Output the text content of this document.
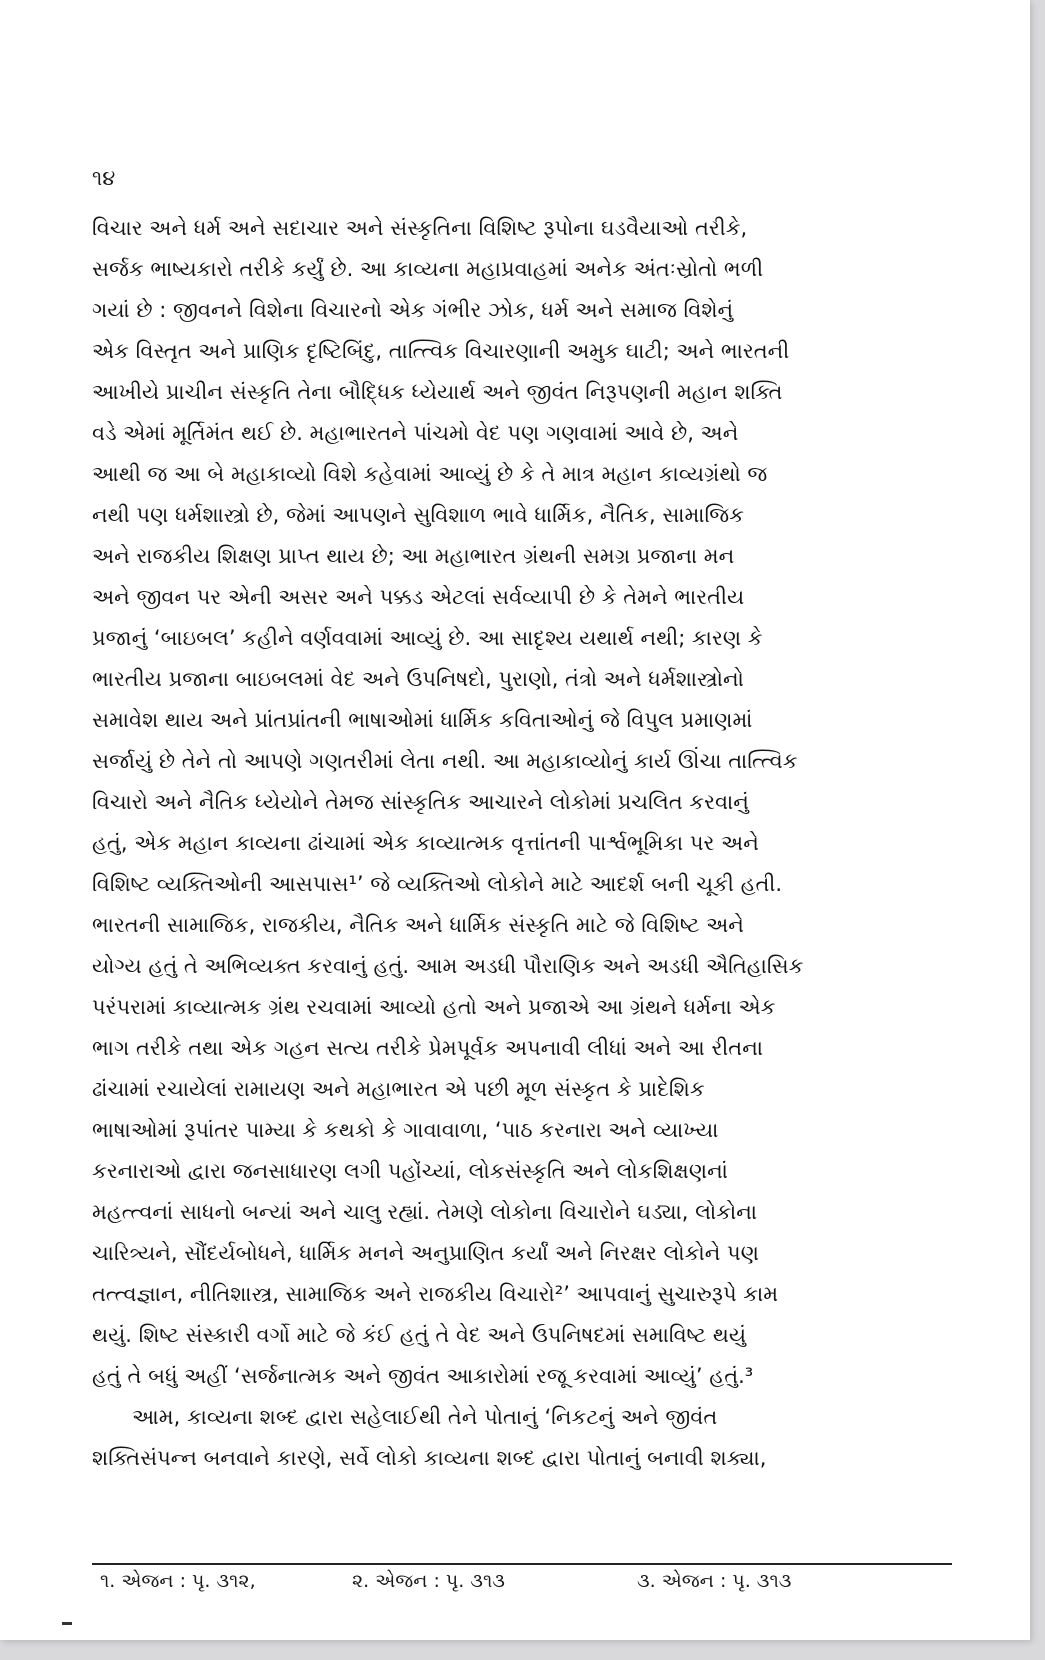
૧૪
વિચાર અને ધર્મ અને સદાચાર અને સંસ્કૃતિના વિશિષ્ટ રૂપોના ઘડવૈયાઓ તરીકે,
સર્જક ભાષ્યકારો તરીકે કર્યું છે. આ કાવ્યના મહાપ્રવાહમાં અનેક અંતઃસ્રોતો ભળી
ગયાં છે : જીવનને વિશેના વિચારનો એક ગંભીર ઝોક, ધર્મ અને સમાજ વિશેનું
એક વિસ્તૃત અને પ્રાણિક દૃષ્ટિબિંદુ, તાત્ત્વિક વિચારણાની અમુક ઘાટી; અને ભારતની
આખીયે પ્રાચીન સંસ્કૃતિ તેના બૌદ્ધિક ધ્યેયાર્થ અને જીવંત નિરૂપણની મહાન શક્તિ
વડે એમાં મૂર્તિમંત થઈ છે. મહાભારતને પાંચમો વેદ પણ ગણવામાં આવે છે, અને
આથી જ આ બે મહાકાવ્યો વિશે કહેવામાં આવ્યું છે કે તે માત્ર મહાન કાવ્યગ્રંથો જ
નથી પણ ધર્મશાસ્ત્રો છે, જેમાં આપણને સુવિશાળ ભાવે ધાર્મિક, નૈતિક, સામાજિક
અને રાજકીય શિક્ષણ પ્રાપ્ત થાય છે; આ મહાભારત ગ્રંથની સમગ્ર પ્રજાના મન
અને જીવન પર એની અસર અને પક્કડ એટલાં સર્વવ્યાપી છે કે તેમને ભારતીય
પ્રજાનું ‘બાઇબલ’ કહીને વર્ણવવામાં આવ્યું છે. આ સાદૃશ્ય યથાર્થ નથી; કારણ કે
ભારતીય પ્રજાના બાઇબલમાં વેદ અને ઉપનિષદો, પુરાણો, તંત્રો અને ધર્મશાસ્ત્રોનો
સમાવેશ થાય અને પ્રાંતપ્રાંતની ભાષાઓમાં ધાર્મિક કવિતાઓનું જે વિપુલ પ્રમાણમાં
સર્જાયું છે તેને તો આપણે ગણતરીમાં લેતા નથી. આ મહાકાવ્યોનું કાર્ય ઊંચા તાત્ત્વિક
વિચારો અને નૈતિક ધ્યેયોને તેમજ સાંસ્કૃતિક આચારને લોકોમાં પ્રચલિત કરવાનું
હતું, એક મહાન કાવ્યના ઢાંચામાં એક કાવ્યાત્મક વૃત્તાંતની પાર્શ્વભૂમિકા પર અને
વિશિષ્ટ વ્યક્તિઓની આસપાસ¹’ જે વ્યક્તિઓ લોકોને માટે આદર્શ બની ચૂકી હતી.
ભારતની સામાજિક, રાજકીય, નૈતિક અને ધાર્મિક સંસ્કૃતિ માટે જે વિશિષ્ટ અને
યોગ્ય હતું તે અભિવ્યક્ત કરવાનું હતું. આમ અડધી પૌરાણિક અને અડધી ઐતિહાસિક
પરંપરામાં કાવ્યાત્મક ગ્રંથ રચવામાં આવ્યો હતો અને પ્રજાએ આ ગ્રંથને ધર્મના એક
ભાગ તરીકે તથા એક ગહન સત્ય તરીકે પ્રેમપૂર્વક અપનાવી લીધાં અને આ રીતના
ઢાંચામાં રચાયેલાં રામાયણ અને મહાભારત એ પછી મૂળ સંસ્કૃત કે પ્રાદેશિક
ભાષાઓમાં રૂપાંતર પામ્યા કે કથકો કે ગાવાવાળા, ‘પાઠ કરનારા અને વ્યાખ્યા
કરનારાઓ દ્વારા જનસાધારણ લગી પહોંચ્યાં, લોકસંસ્કૃતિ અને લોકશિક્ષણનાં
મહત્ત્વનાં સાધનો બન્યાં અને ચાલુ રહ્યાં. તેમણે લોકોના વિચારોને ઘડ્યા, લોકોના
ચારિત્ર્યને, સૌંદર્યબોધને, ધાર્મિક મનને અનુપ્રાણિત કર્યાં અને નિરક્ષર લોકોને પણ
તત્ત્વજ્ઞાન, નીતિશાસ્ત્ર, સામાજિક અને રાજકીય વિચારો²’ આપવાનું સુચારુરૂપે કામ
થયું. શિષ્ટ સંસ્કારી વર્ગો માટે જે કંઈ હતું તે વેદ અને ઉપનિષદમાં સમાવિષ્ટ થયું
હતું તે બધું અહીં ‘સર્જનાત્મક અને જીવંત આકારોમાં રજૂ કરવામાં આવ્યું’ હતું.³
આમ, કાવ્યના શબ્દ દ્વારા સહેલાઈથી તેને પોતાનું ‘નિકટનું અને જીવંત
શક્તિસંપન્ન બનવાને કારણે, સર્વે લોકો કાવ્યના શબ્દ દ્વારા પોતાનું બનાવી શક્યા,
૧. એજન : પૃ. ૩૧૨,	૨. એજન : પૃ. ૩૧૩	૩. એજન : પૃ. ૩૧૩
